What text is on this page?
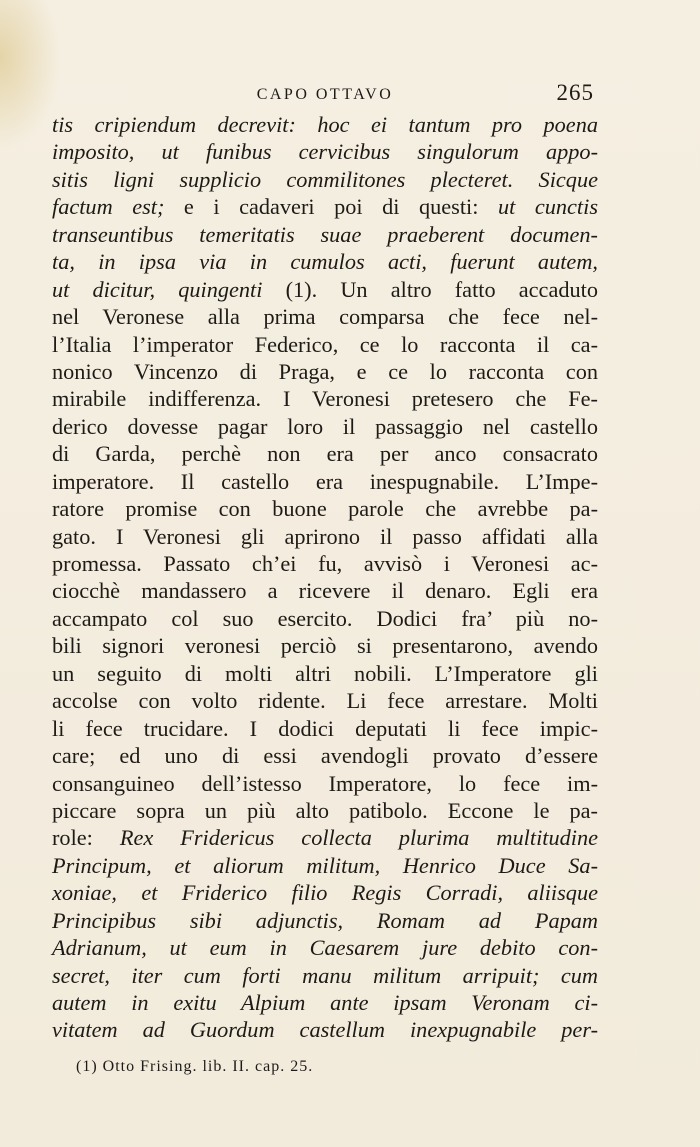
CAPO OTTAVO	265
tis cripiendum decrevit: hoc ei tantum pro poena
imposito, ut funibus cervicibus singulorum appo-
sitis ligni supplicio commilitones plecteret. Sicque
factum est; e i cadaveri poi di questi: ut cunctis
transeuntibus temeritatis suae praeberent documen-
ta, in ipsa via in cumulos acti, fuerunt autem,
ut dicitur, quingenti (1). Un altro fatto accaduto
nel Veronese alla prima comparsa che fece nel-
l’Italia l’imperator Federico, ce lo racconta il ca-
nonico Vincenzo di Praga, e ce lo racconta con
mirabile indifferenza. I Veronesi pretesero che Fe-
derico dovesse pagar loro il passaggio nel castello
di Garda, perchè non era per anco consacrato
imperatore. Il castello era inespugnabile. L’Impe-
ratore promise con buone parole che avrebbe pa-
gato. I Veronesi gli aprirono il passo affidati alla
promessa. Passato ch’ei fu, avvisò i Veronesi ac-
ciocchè mandassero a ricevere il denaro. Egli era
accampato col suo esercito. Dodici fra’ più no-
bili signori veronesi perciò si presentarono, avendo
un seguito di molti altri nobili. L’Imperatore gli
accolse con volto ridente. Li fece arrestare. Molti
li fece trucidare. I dodici deputati li fece impic-
care; ed uno di essi avendogli provato d’essere
consanguineo dell’istesso Imperatore, lo fece im-
piccare sopra un più alto patibolo. Eccone le pa-
role: Rex Fridericus collecta plurima multitudine
Principum, et aliorum militum, Henrico Duce Sa-
xoniae, et Friderico filio Regis Corradi, aliisque
Principibus sibi adjunctis, Romam ad Papam
Adrianum, ut eum in Caesarem jure debito con-
secret, iter cum forti manu militum arripuit; cum
autem in exitu Alpium ante ipsam Veronam ci-
vitatem ad Guordum castellum inexpugnabile per-
(1) Otto Frising. lib. II. cap. 25.
